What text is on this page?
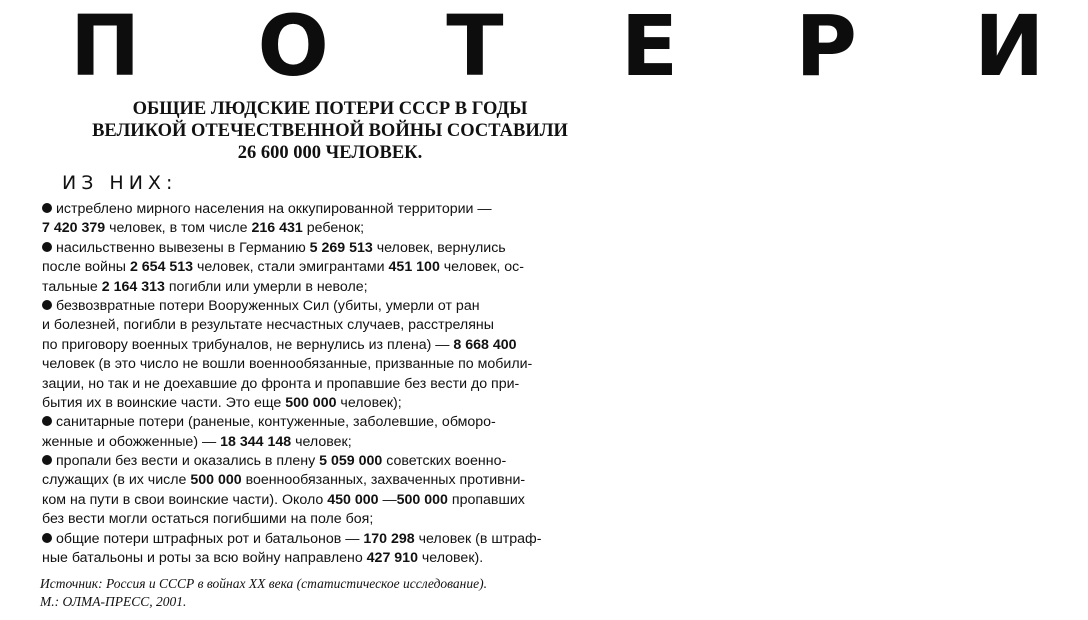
П О Т Е Р И
ОБЩИЕ ЛЮДСКИЕ ПОТЕРИ СССР В ГОДЫ
ВЕЛИКОЙ ОТЕЧЕСТВЕННОЙ ВОЙНЫ СОСТАВИЛИ
26 600 000 ЧЕЛОВЕК.
ИЗ НИХ:
истреблено мирного населения на оккупированной территории —
7 420 379 человек, в том числе 216 431 ребенок;
насильственно вывезены в Германию 5 269 513 человек, вернулись
после войны 2 654 513 человек, стали эмигрантами 451 100 человек, ос-
тальные 2 164 313 погибли или умерли в неволе;
безвозвратные потери Вооруженных Сил (убиты, умерли от ран
и болезней, погибли в результате несчастных случаев, расстреляны
по приговору военных трибуналов, не вернулись из плена) — 8 668 400
человек (в это число не вошли военнообязанные, призванные по мобили-
зации, но так и не доехавшие до фронта и пропавшие без вести до при-
бытия их в воинские части. Это еще 500 000 человек);
санитарные потери (раненые, контуженные, заболевшие, обморо-
женные и обожженные) — 18 344 148 человек;
пропали без вести и оказались в плену 5 059 000 советских военно-
служащих (в их числе 500 000 военнообязанных, захваченных противни-
ком на пути в свои воинские части). Около 450 000 —500 000 пропавших
без вести могли остаться погибшими на поле боя;
общие потери штрафных рот и батальонов — 170 298 человек (в штраф-
ные батальоны и роты за всю войну направлено 427 910 человек).
Источник: Россия и СССР в войнах XX века (статистическое исследование).
М.: ОЛМА-ПРЕСС, 2001.
